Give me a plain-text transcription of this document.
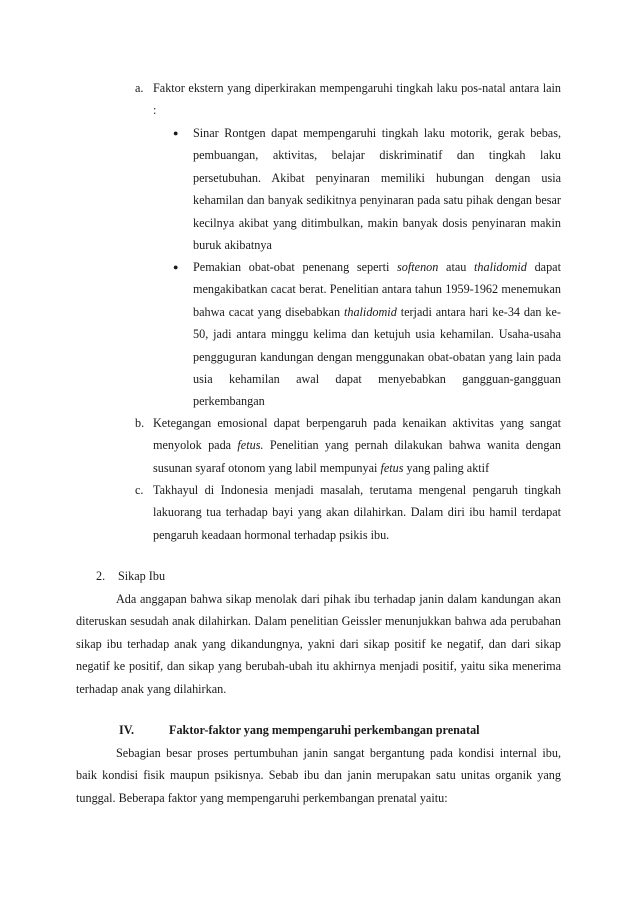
a. Faktor ekstern yang diperkirakan mempengaruhi tingkah laku pos-natal antara lain :

● Sinar Rontgen dapat mempengaruhi tingkah laku motorik, gerak bebas, pembuangan, aktivitas, belajar diskriminatif dan tingkah laku persetubuhan. Akibat penyinaran memiliki hubungan dengan usia kehamilan dan banyak sedikitnya penyinaran pada satu pihak dengan besar kecilnya akibat yang ditimbulkan, makin banyak dosis penyinaran makin buruk akibatnya

● Pemakian obat-obat penenang seperti softenon atau thalidomid dapat mengakibatkan cacat berat. Penelitian antara tahun 1959-1962 menemukan bahwa cacat yang disebabkan thalidomid terjadi antara hari ke-34 dan ke-50, jadi antara minggu kelima dan ketujuh usia kehamilan. Usaha-usaha pengguguran kandungan dengan menggunakan obat-obatan yang lain pada usia kehamilan awal dapat menyebabkan gangguan-gangguan perkembangan

b. Ketegangan emosional dapat berpengaruh pada kenaikan aktivitas yang sangat menyolok pada fetus. Penelitian yang pernah dilakukan bahwa wanita dengan susunan syaraf otonom yang labil mempunyai fetus yang paling aktif

c. Takhayul di Indonesia menjadi masalah, terutama mengenal pengaruh tingkah lakuorang tua terhadap bayi yang akan dilahirkan. Dalam diri ibu hamil terdapat pengaruh keadaan hormonal terhadap psikis ibu.

2. Sikap Ibu

Ada anggapan bahwa sikap menolak dari pihak ibu terhadap janin dalam kandungan akan diteruskan sesudah anak dilahirkan. Dalam penelitian Geissler menunjukkan bahwa ada perubahan sikap ibu terhadap anak yang dikandungnya, yakni dari sikap positif ke negatif, dan dari sikap negatif ke positif, dan sikap yang berubah-ubah itu akhirnya menjadi positif, yaitu sika menerima terhadap anak yang dilahirkan.

IV.	Faktor-faktor yang mempengaruhi perkembangan prenatal

Sebagian besar proses pertumbuhan janin sangat bergantung pada kondisi internal ibu, baik kondisi fisik maupun psikisnya. Sebab ibu dan janin merupakan satu unitas organik yang tunggal. Beberapa faktor yang mempengaruhi perkembangan prenatal yaitu:
